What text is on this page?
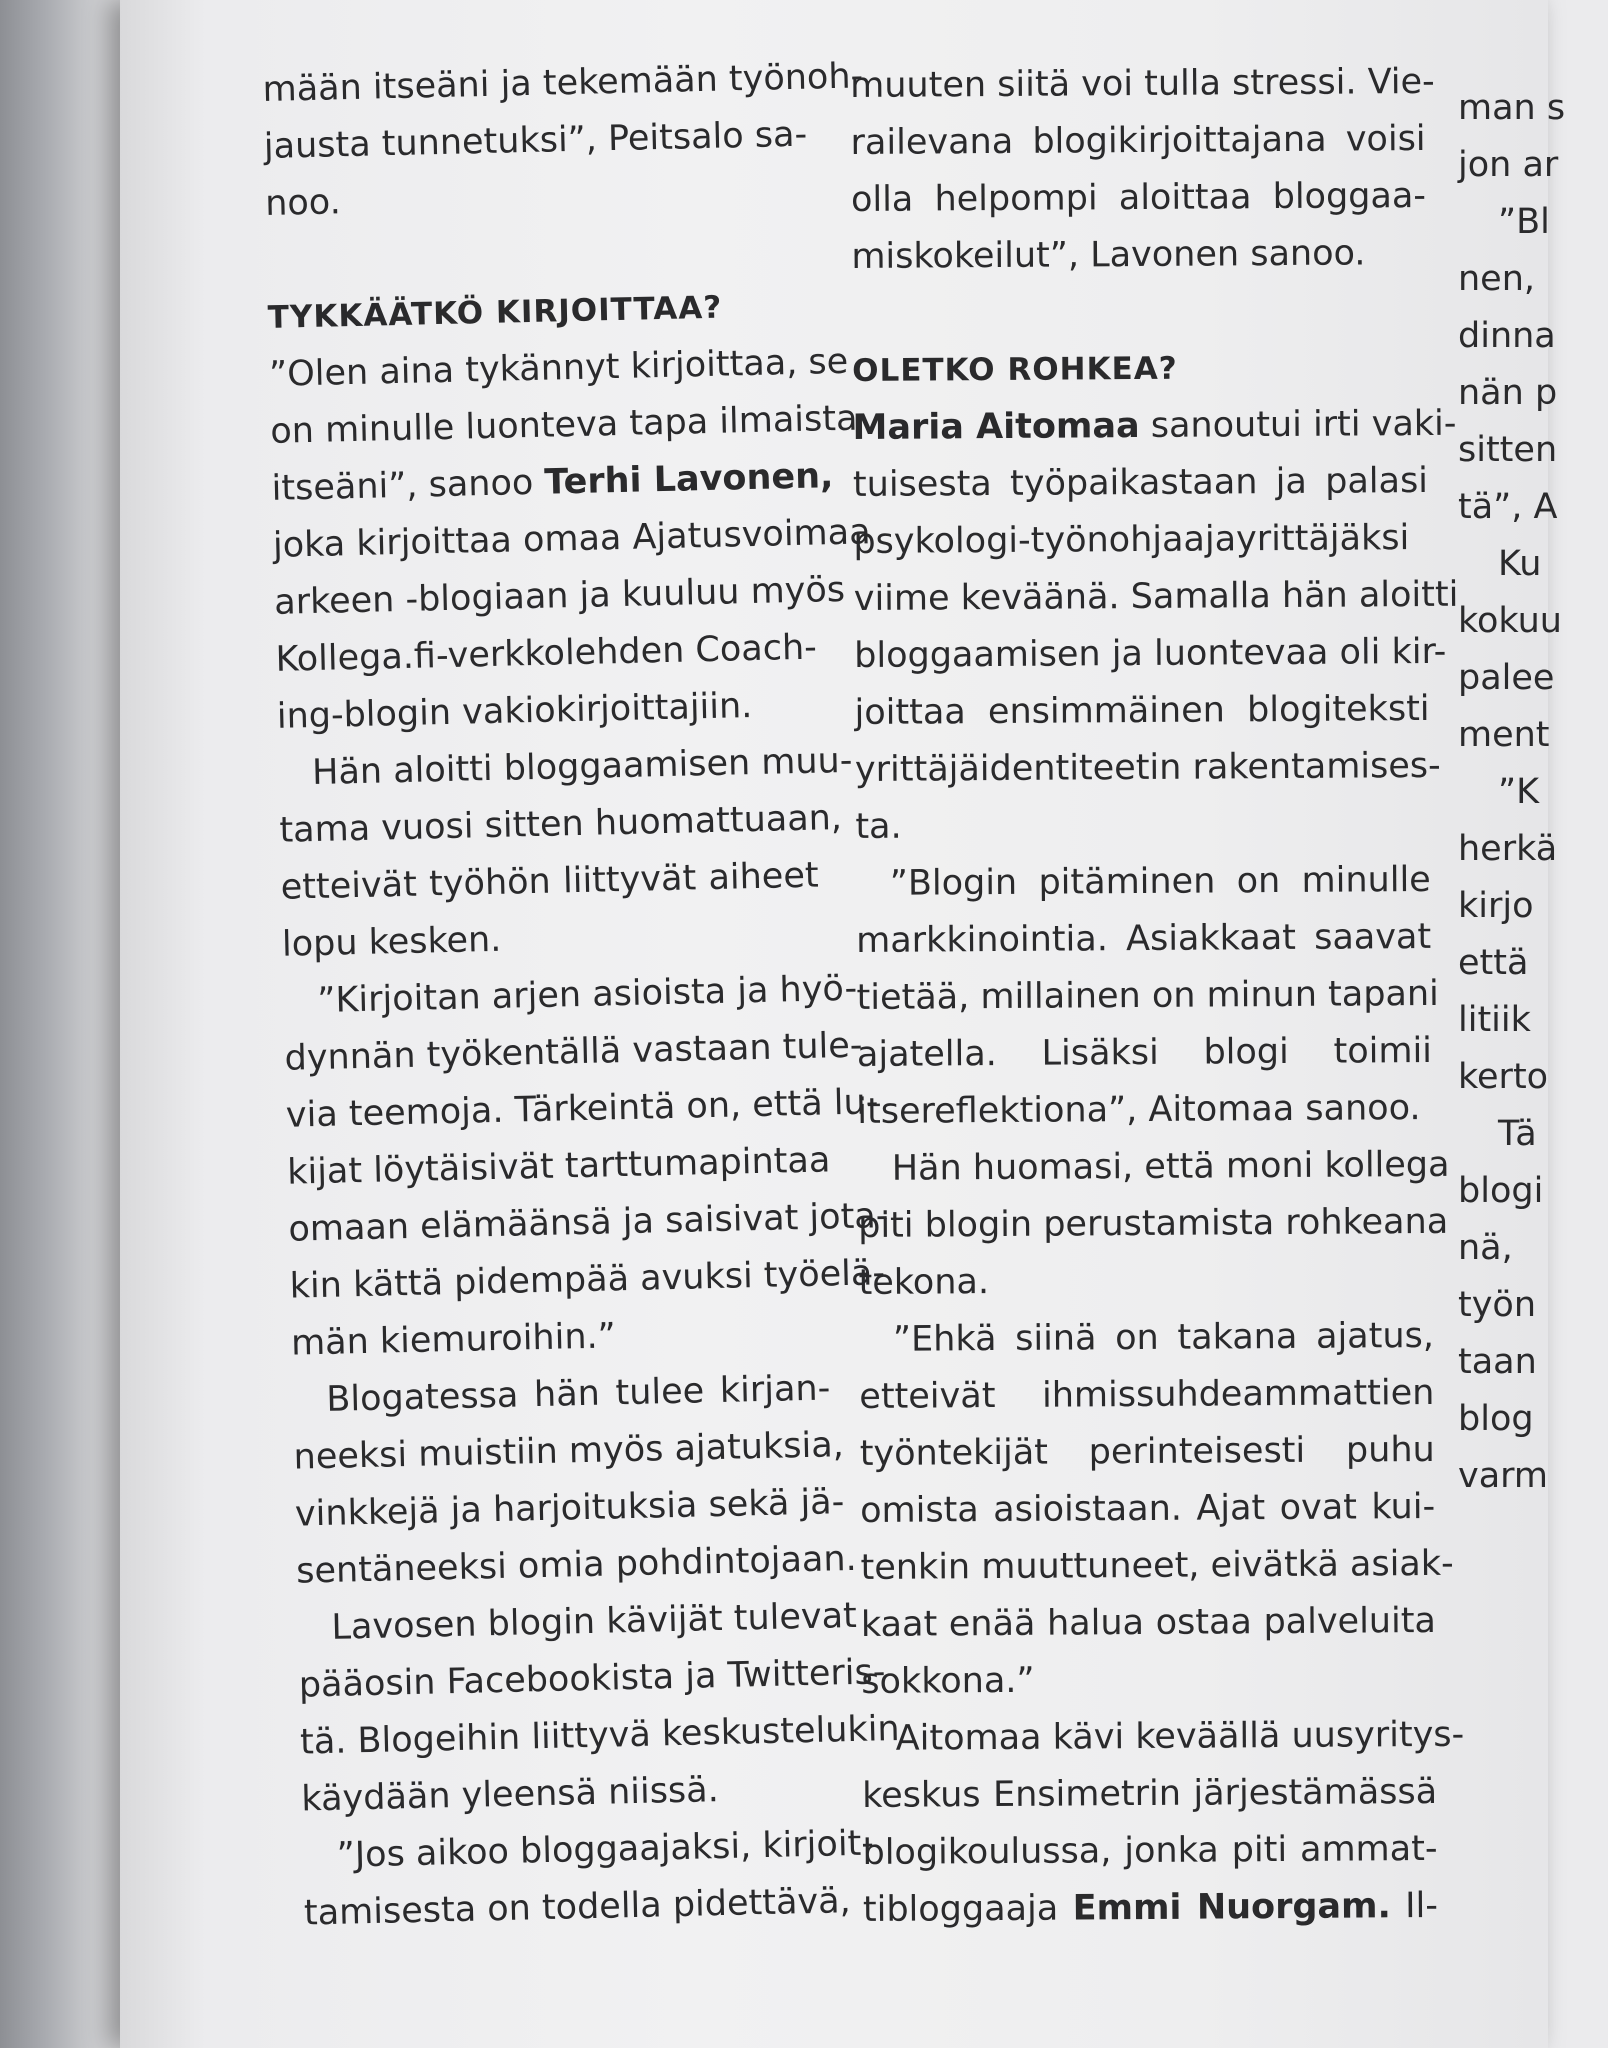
mään itseäni ja tekemään työnoh-
jausta tunnetuksi”, Peitsalo sa-
noo.
TYKKÄÄTKÖ KIRJOITTAA?
”Olen aina tykännyt kirjoittaa, se
on minulle luonteva tapa ilmaista
itseäni”, sanoo Terhi Lavonen,
joka kirjoittaa omaa Ajatusvoimaa
arkeen -blogiaan ja kuuluu myös
Kollega.fi-verkkolehden Coach-
ing-blogin vakiokirjoittajiin.
Hän aloitti bloggaamisen muu-
tama vuosi sitten huomattuaan,
etteivät työhön liittyvät aiheet
lopu kesken.
”Kirjoitan arjen asioista ja hyö-
dynnän työkentällä vastaan tule-
via teemoja. Tärkeintä on, että lu-
kijat löytäisivät tarttumapintaa
omaan elämäänsä ja saisivat jota-
kin kättä pidempää avuksi työelä-
män kiemuroihin.”
Blogatessa hän tulee kirjan-
neeksi muistiin myös ajatuksia,
vinkkejä ja harjoituksia sekä jä-
sentäneeksi omia pohdintojaan.
Lavosen blogin kävijät tulevat
pääosin Facebookista ja Twitteris-
tä. Blogeihin liittyvä keskustelukin
käydään yleensä niissä.
”Jos aikoo bloggaajaksi, kirjoit-
tamisesta on todella pidettävä,
muuten siitä voi tulla stressi. Vie-
railevana blogikirjoittajana voisi
olla helpompi aloittaa bloggaa-
miskokeilut”, Lavonen sanoo.
OLETKO ROHKEA?
Maria Aitomaa sanoutui irti vaki-
tuisesta työpaikastaan ja palasi
psykologi-työnohjaajayrittäjäksi
viime keväänä. Samalla hän aloitti
bloggaamisen ja luontevaa oli kir-
joittaa ensimmäinen blogiteksti
yrittäjäidentiteetin rakentamises-
ta.
”Blogin pitäminen on minulle
markkinointia. Asiakkaat saavat
tietää, millainen on minun tapani
ajatella. Lisäksi blogi toimii
itsereflektiona”, Aitomaa sanoo.
Hän huomasi, että moni kollega
piti blogin perustamista rohkeana
tekona.
”Ehkä siinä on takana ajatus,
etteivät ihmissuhdeammattien
työntekijät perinteisesti puhu
omista asioistaan. Ajat ovat kui-
tenkin muuttuneet, eivätkä asiak-
kaat enää halua ostaa palveluita
sokkona.”
Aitomaa kävi keväällä uusyritys-
keskus Ensimetrin järjestämässä
blogikoulussa, jonka piti ammat-
tibloggaaja Emmi Nuorgam. Il-
man s
jon ar
”Bl
nen,
dinna
nän p
sitten
tä”, A
Ku
kokuu
palee
ment
”K
herkä
kirjo
että
litiik
kerto
Tä
blogi
nä,
työn
taan
blog
varm
